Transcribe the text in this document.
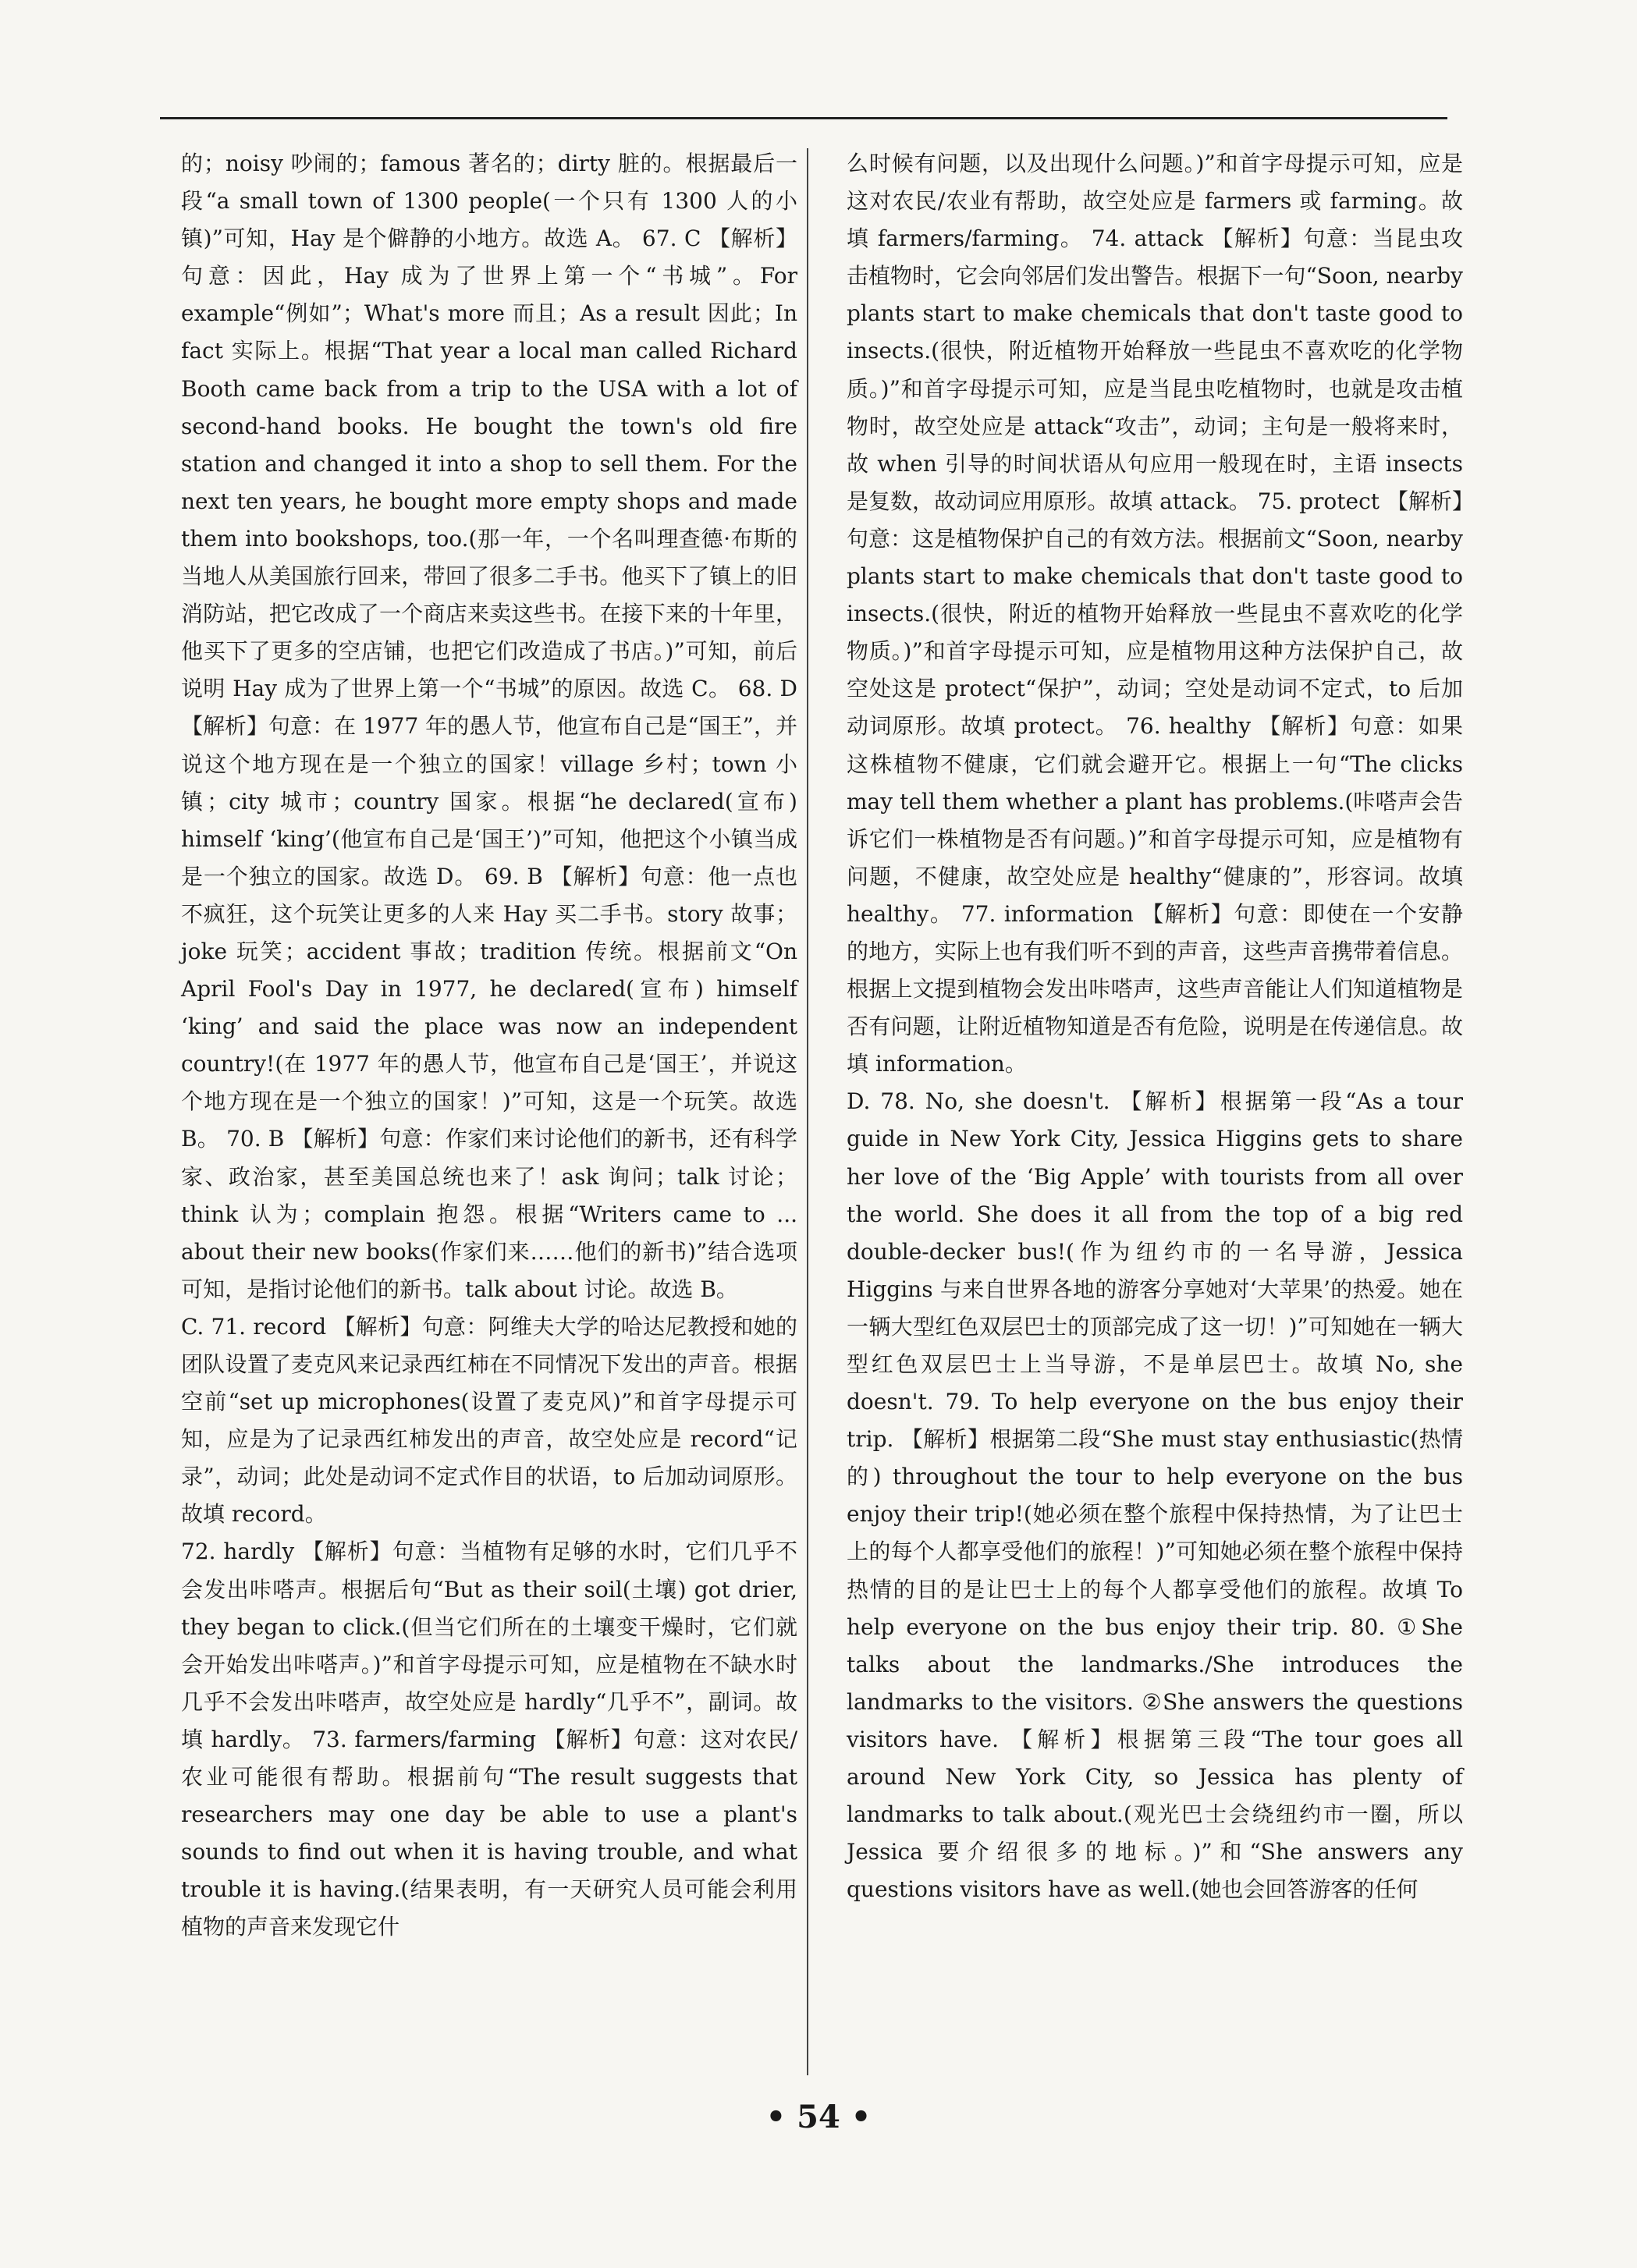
的；noisy 吵闹的；famous 著名的；dirty 脏的。根据最后一段“a small town of 1300 people(一个只有 1300 人的小镇)”可知，Hay 是个僻静的小地方。故选 A。 67. C 【解析】句意：因此，Hay 成为了世界上第一个“书城”。For example“例如”；What's more 而且；As a result 因此；In fact 实际上。根据“That year a local man called Richard Booth came back from a trip to the USA with a lot of second-hand books. He bought the town's old fire station and changed it into a shop to sell them. For the next ten years, he bought more empty shops and made them into bookshops, too.(那一年，一个名叫理查德·布斯的当地人从美国旅行回来，带回了很多二手书。他买下了镇上的旧消防站，把它改成了一个商店来卖这些书。在接下来的十年里，他买下了更多的空店铺，也把它们改造成了书店。)”可知，前后说明 Hay 成为了世界上第一个“书城”的原因。故选 C。 68. D 【解析】句意：在 1977 年的愚人节，他宣布自己是“国王”，并说这个地方现在是一个独立的国家！village 乡村；town 小镇；city 城市；country 国家。根据“he declared(宣布) himself ‘king’(他宣布自己是‘国王’)”可知，他把这个小镇当成是一个独立的国家。故选 D。 69. B 【解析】句意：他一点也不疯狂，这个玩笑让更多的人来 Hay 买二手书。story 故事；joke 玩笑；accident 事故；tradition 传统。根据前文“On April Fool's Day in 1977, he declared(宣布) himself ‘king’ and said the place was now an independent country!(在 1977 年的愚人节，他宣布自己是‘国王’，并说这个地方现在是一个独立的国家！)”可知，这是一个玩笑。故选 B。 70. B 【解析】句意：作家们来讨论他们的新书，还有科学家、政治家，甚至美国总统也来了！ask 询问；talk 讨论；think 认为；complain 抱怨。根据“Writers came to ... about their new books(作家们来……他们的新书)”结合选项可知，是指讨论他们的新书。talk about 讨论。故选 B。

C. 71. record 【解析】句意：阿维夫大学的哈达尼教授和她的团队设置了麦克风来记录西红柿在不同情况下发出的声音。根据空前“set up microphones(设置了麦克风)”和首字母提示可知，应是为了记录西红柿发出的声音，故空处应是 record“记录”，动词；此处是动词不定式作目的状语，to 后加动词原形。故填 record。

72. hardly 【解析】句意：当植物有足够的水时，它们几乎不会发出咔嗒声。根据后句“But as their soil(土壤) got drier, they began to click.(但当它们所在的土壤变干燥时，它们就会开始发出咔嗒声。)”和首字母提示可知，应是植物在不缺水时几乎不会发出咔嗒声，故空处应是 hardly“几乎不”，副词。故填 hardly。 73. farmers/farming 【解析】句意：这对农民/农业可能很有帮助。根据前句“The result suggests that researchers may one day be able to use a plant's sounds to find out when it is having trouble, and what trouble it is having.(结果表明，有一天研究人员可能会利用植物的声音来发现它什

么时候有问题，以及出现什么问题。)”和首字母提示可知，应是这对农民/农业有帮助，故空处应是 farmers 或 farming。故填 farmers/farming。 74. attack 【解析】句意：当昆虫攻击植物时，它会向邻居们发出警告。根据下一句“Soon, nearby plants start to make chemicals that don't taste good to insects.(很快，附近植物开始释放一些昆虫不喜欢吃的化学物质。)”和首字母提示可知，应是当昆虫吃植物时，也就是攻击植物时，故空处应是 attack“攻击”，动词；主句是一般将来时，故 when 引导的时间状语从句应用一般现在时，主语 insects 是复数，故动词应用原形。故填 attack。 75. protect 【解析】句意：这是植物保护自己的有效方法。根据前文“Soon, nearby plants start to make chemicals that don't taste good to insects.(很快，附近的植物开始释放一些昆虫不喜欢吃的化学物质。)”和首字母提示可知，应是植物用这种方法保护自己，故空处这是 protect“保护”，动词；空处是动词不定式，to 后加动词原形。故填 protect。 76. healthy 【解析】句意：如果这株植物不健康，它们就会避开它。根据上一句“The clicks may tell them whether a plant has problems.(咔嗒声会告诉它们一株植物是否有问题。)”和首字母提示可知，应是植物有问题，不健康，故空处应是 healthy“健康的”，形容词。故填 healthy。 77. information 【解析】句意：即使在一个安静的地方，实际上也有我们听不到的声音，这些声音携带着信息。根据上文提到植物会发出咔嗒声，这些声音能让人们知道植物是否有问题，让附近植物知道是否有危险，说明是在传递信息。故填 information。

D. 78. No, she doesn't. 【解析】根据第一段“As a tour guide in New York City, Jessica Higgins gets to share her love of the ‘Big Apple’ with tourists from all over the world. She does it all from the top of a big red double-decker bus!(作为纽约市的一名导游，Jessica Higgins 与来自世界各地的游客分享她对‘大苹果’的热爱。她在一辆大型红色双层巴士的顶部完成了这一切！)”可知她在一辆大型红色双层巴士上当导游，不是单层巴士。故填 No, she doesn't. 79. To help everyone on the bus enjoy their trip. 【解析】根据第二段“She must stay enthusiastic(热情的) throughout the tour to help everyone on the bus enjoy their trip!(她必须在整个旅程中保持热情，为了让巴士上的每个人都享受他们的旅程！)”可知她必须在整个旅程中保持热情的目的是让巴士上的每个人都享受他们的旅程。故填 To help everyone on the bus enjoy their trip. 80. ①She talks about the landmarks./She introduces the landmarks to the visitors. ②She answers the questions visitors have. 【解析】根据第三段“The tour goes all around New York City, so Jessica has plenty of landmarks to talk about.(观光巴士会绕纽约市一圈，所以 Jessica 要介绍很多的地标。)”和“She answers any questions visitors have as well.(她也会回答游客的任何

• 54 •
